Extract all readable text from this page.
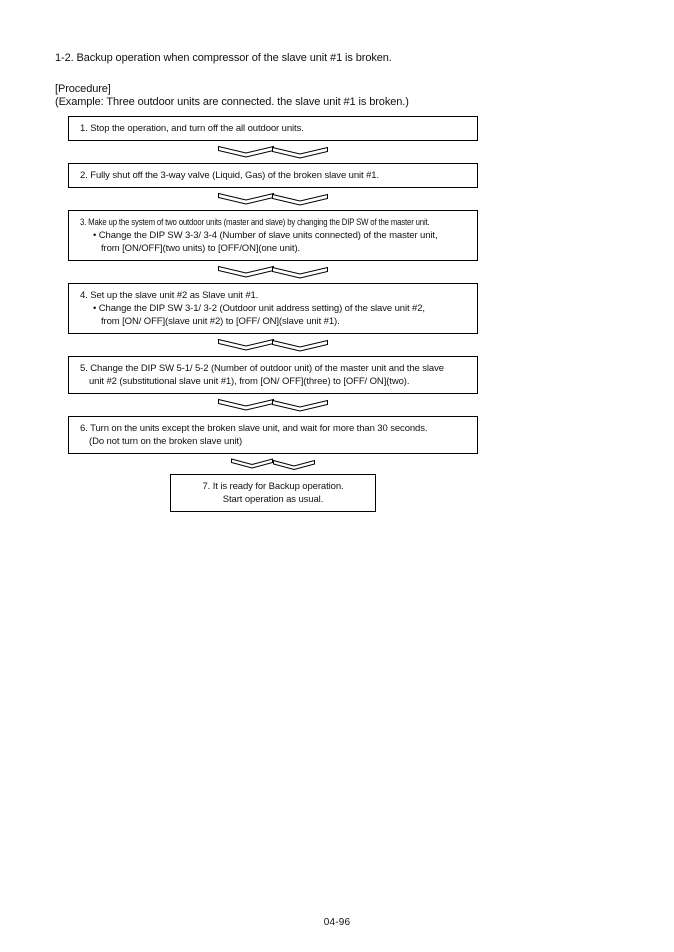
1-2. Backup operation when compressor of the slave unit #1 is broken.
[Procedure]
(Example: Three outdoor units are connected. the slave unit #1 is broken.)
1. Stop the operation, and turn off the all outdoor units.
2. Fully shut off the 3-way valve (Liquid, Gas) of the broken slave unit #1.
3. Make up the system of two outdoor units (master and slave) by changing the DIP SW of the master unit.
• Change the DIP SW 3-3/ 3-4 (Number of slave units connected) of the master unit,
from [ON/OFF](two units) to [OFF/ON](one unit).
4. Set up the slave unit #2 as Slave unit #1.
• Change the DIP SW 3-1/ 3-2 (Outdoor unit address setting) of the slave unit #2,
from [ON/ OFF](slave unit #2) to [OFF/ ON](slave unit #1).
5. Change the DIP SW 5-1/ 5-2 (Number of outdoor unit) of the master unit and the slave
unit #2 (substitutional slave unit #1), from [ON/ OFF](three) to [OFF/ ON](two).
6. Turn on the units except the broken slave unit, and wait for more than 30 seconds.
(Do not turn on the broken slave unit)
7. It is ready for Backup operation.
Start operation as usual.
04-96
